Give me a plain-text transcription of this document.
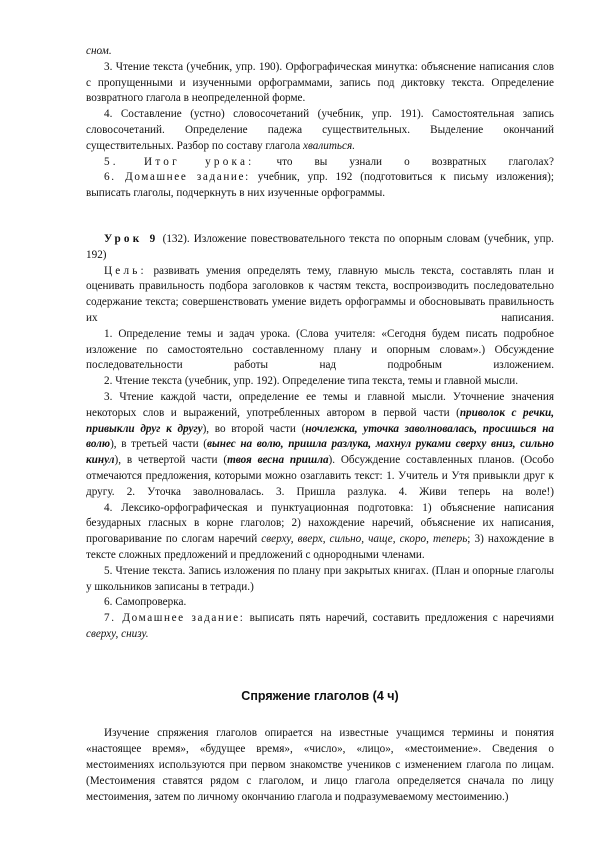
сном.

3. Чтение текста (учебник, упр. 190). Орфографическая минутка: объяснение написания слов с пропущенными и изученными орфограммами, запись под диктовку текста. Определение возвратного глагола в неопределенной форме.

4. Составление (устно) словосочетаний (учебник, упр. 191). Самостоятельная запись словосочетаний. Определение падежа существительных. Выделение окончаний существительных. Разбор по составу глагола хвалиться.

5. Итог урока: что вы узнали о возвратных глаголах?

6. Домашнее задание: учебник, упр. 192 (подготовиться к письму изложения); выписать глаголы, подчеркнуть в них изученные орфограммы.

Урок 9 (132). Изложение повествовательного текста по опорным словам (учебник, упр. 192)

Цель: развивать умения определять тему, главную мысль текста, составлять план и оценивать правильность подбора заголовков к частям текста, воспроизводить последовательно содержание текста; совершенствовать умение видеть орфограммы и обосновывать правильность их написания.

1. Определение темы и задач урока. (Слова учителя: «Сегодня будем писать подробное изложение по самостоятельно составленному плану и опорным словам».) Обсуждение последовательности работы над подробным изложением.

2. Чтение текста (учебник, упр. 192). Определение типа текста, темы и главной мысли.

3. Чтение каждой части, определение ее темы и главной мысли. Уточнение значения некоторых слов и выражений, употребленных автором в первой части (приволок с речки, привыкли друг к другу), во второй части (ночлежка, уточка заволновалась, просишься на волю), в третьей части (вынес на волю, пришла разлука, махнул руками сверху вниз, сильно кинул), в четвертой части (твоя весна пришла). Обсуждение составленных планов. (Особо отмечаются предложения, которыми можно озаглавить текст: 1. Учитель и Утя привыкли друг к другу. 2. Уточка заволновалась. 3. Пришла разлука. 4. Живи теперь на воле!)

4. Лексико-орфографическая и пунктуационная подготовка: 1) объяснение написания безударных гласных в корне глаголов; 2) нахождение наречий, объяснение их написания, проговаривание по слогам наречий сверху, вверх, сильно, чаще, скоро, теперь; 3) нахождение в тексте сложных предложений и предложений с однородными членами.

5. Чтение текста. Запись изложения по плану при закрытых книгах. (План и опорные глаголы у школьников записаны в тетради.)

6. Самопроверка.

7. Домашнее задание: выписать пять наречий, составить предложения с наречиями сверху, снизу.

Спряжение глаголов (4 ч)

Изучение спряжения глаголов опирается на известные учащимся термины и понятия «настоящее время», «будущее время», «число», «лицо», «местоимение». Сведения о местоимениях используются при первом знакомстве учеников с изменением глагола по лицам. (Местоимения ставятся рядом с глаголом, и лицо глагола определяется сначала по лицу местоимения, затем по личному окончанию глагола и подразумеваемому местоимению.)
